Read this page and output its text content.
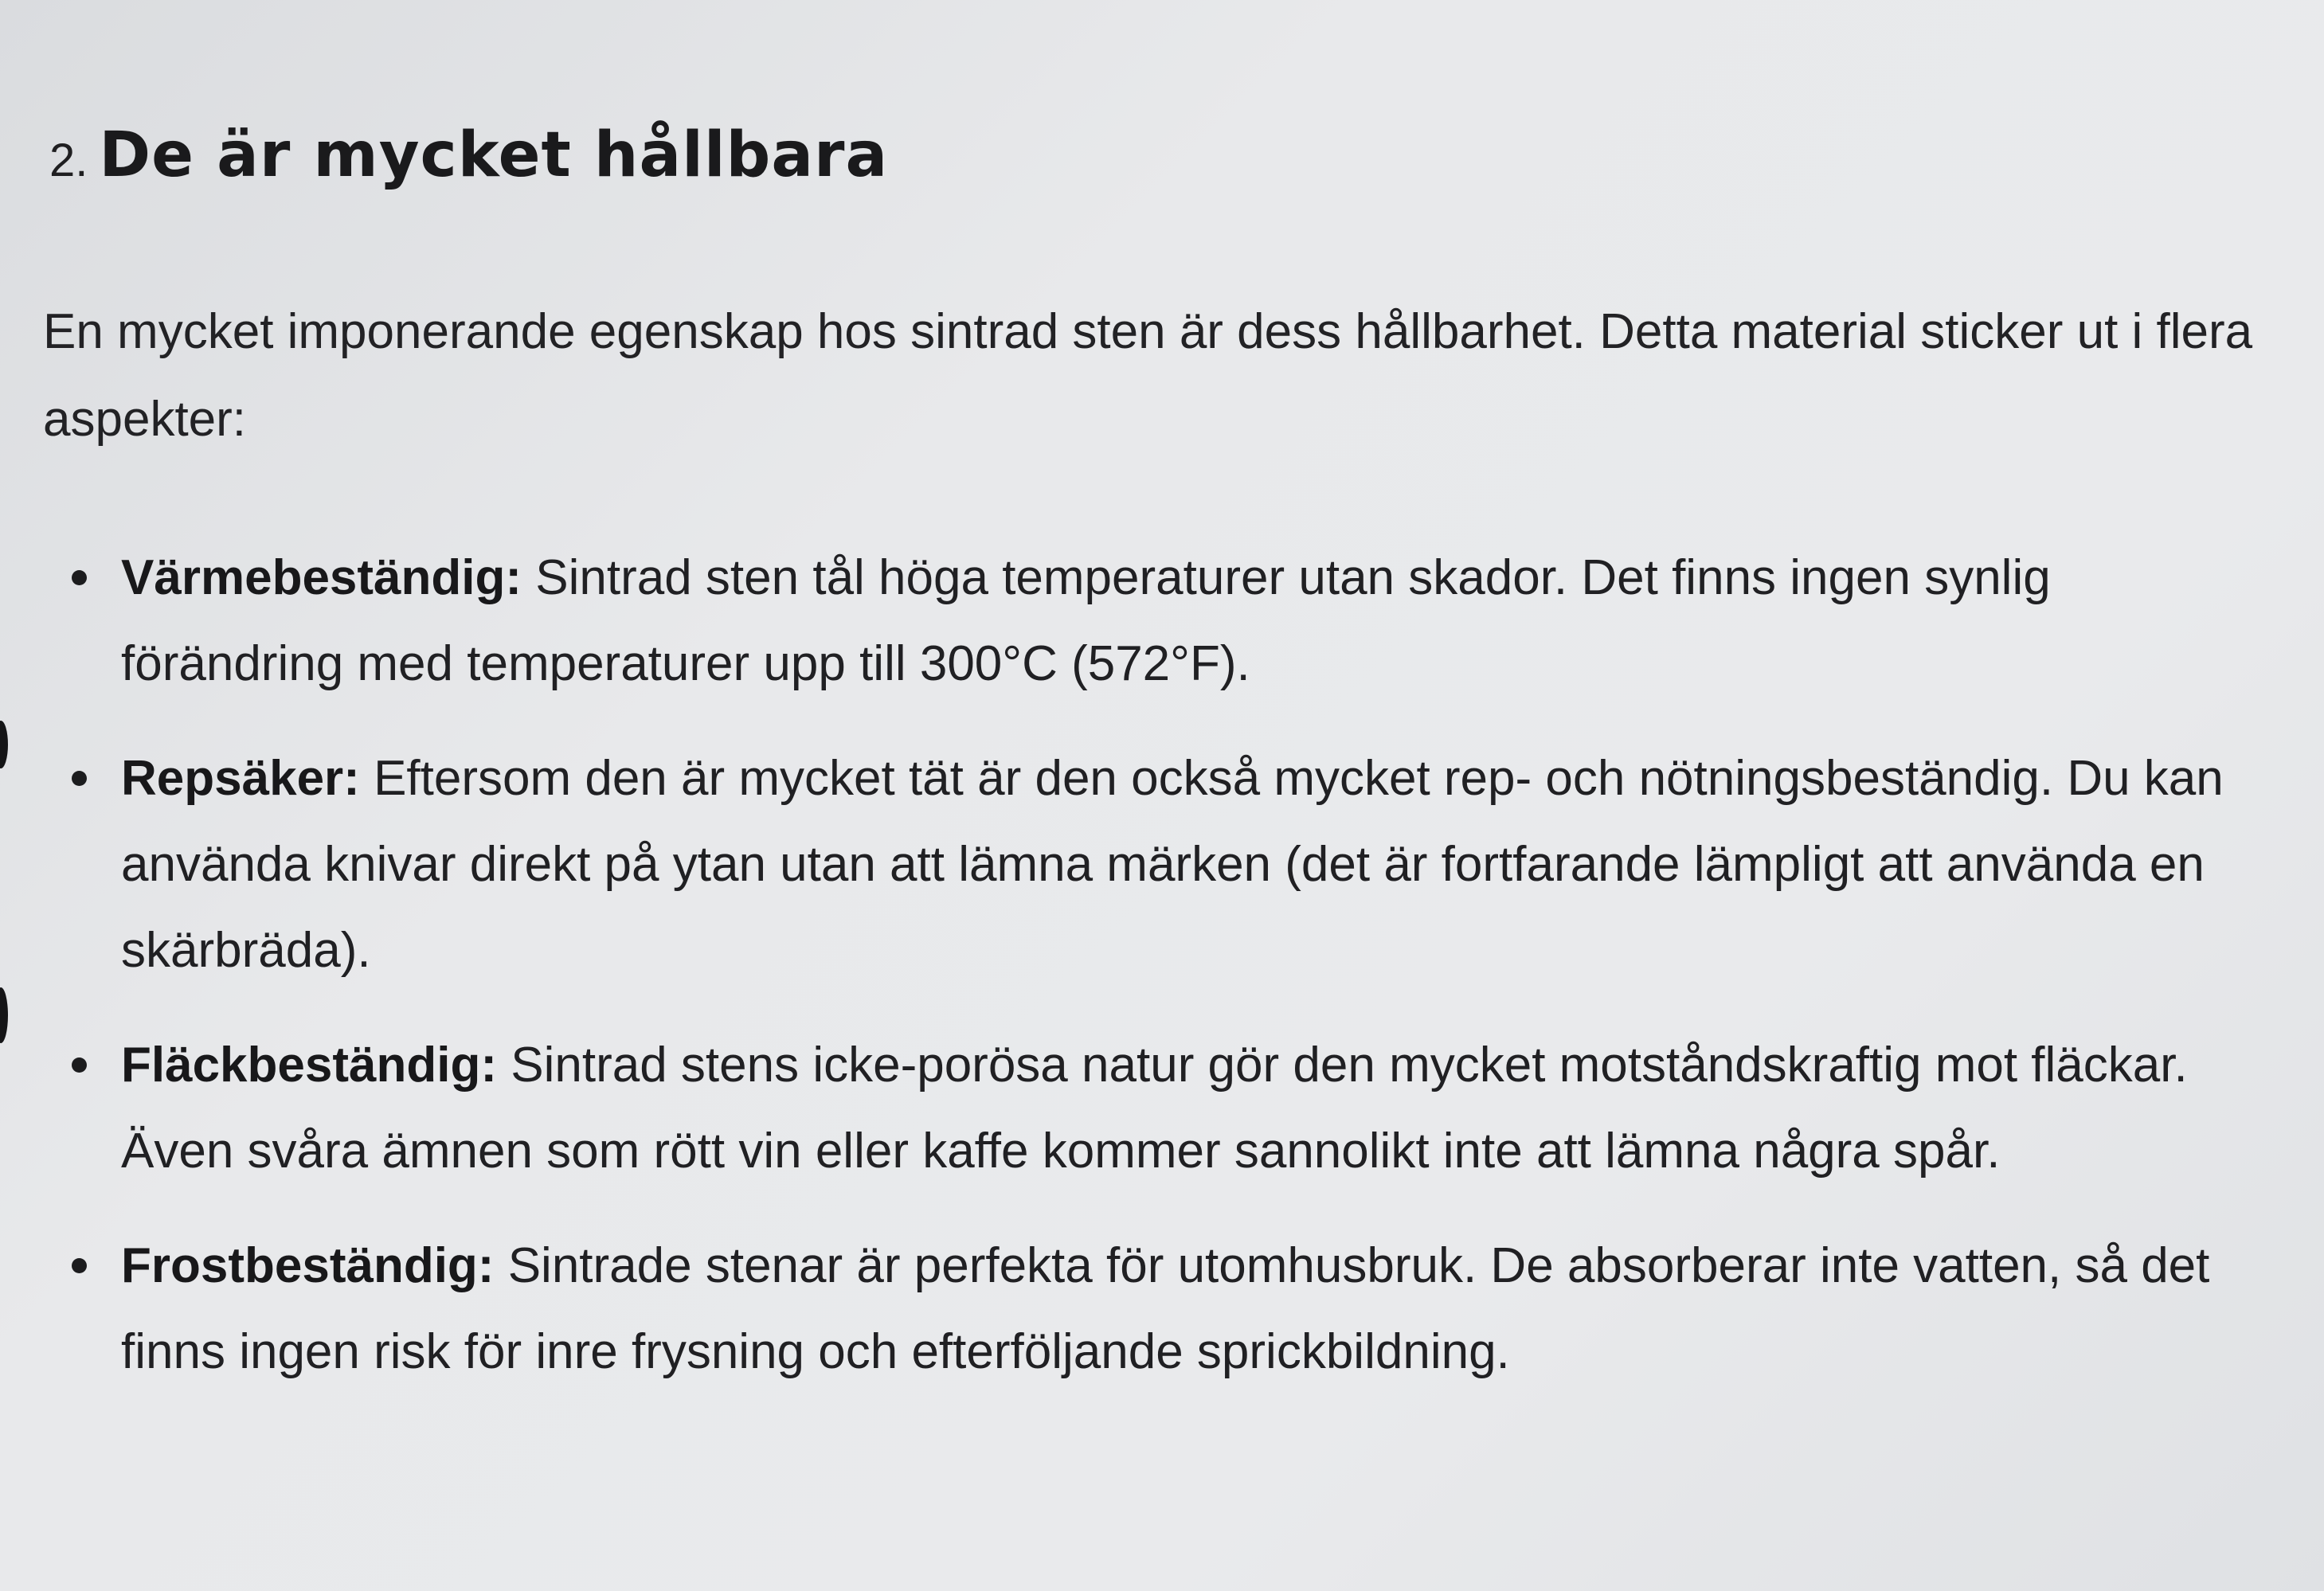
2. De är mycket hållbara

En mycket imponerande egenskap hos sintrad sten är dess hållbarhet. Detta material sticker ut i flera aspekter:

Värmebeständig: Sintrad sten tål höga temperaturer utan skador. Det finns ingen synlig förändring med temperaturer upp till 300°C (572°F).
Repsäker: Eftersom den är mycket tät är den också mycket rep- och nötningsbeständig. Du kan använda knivar direkt på ytan utan att lämna märken (det är fortfarande lämpligt att använda en skärbräda).
Fläckbeständig: Sintrad stens icke-porösa natur gör den mycket motståndskraftig mot fläckar. Även svåra ämnen som rött vin eller kaffe kommer sannolikt inte att lämna några spår.
Frostbeständig: Sintrade stenar är perfekta för utomhusbruk. De absorberar inte vatten, så det finns ingen risk för inre frysning och efterföljande sprickbildning.
